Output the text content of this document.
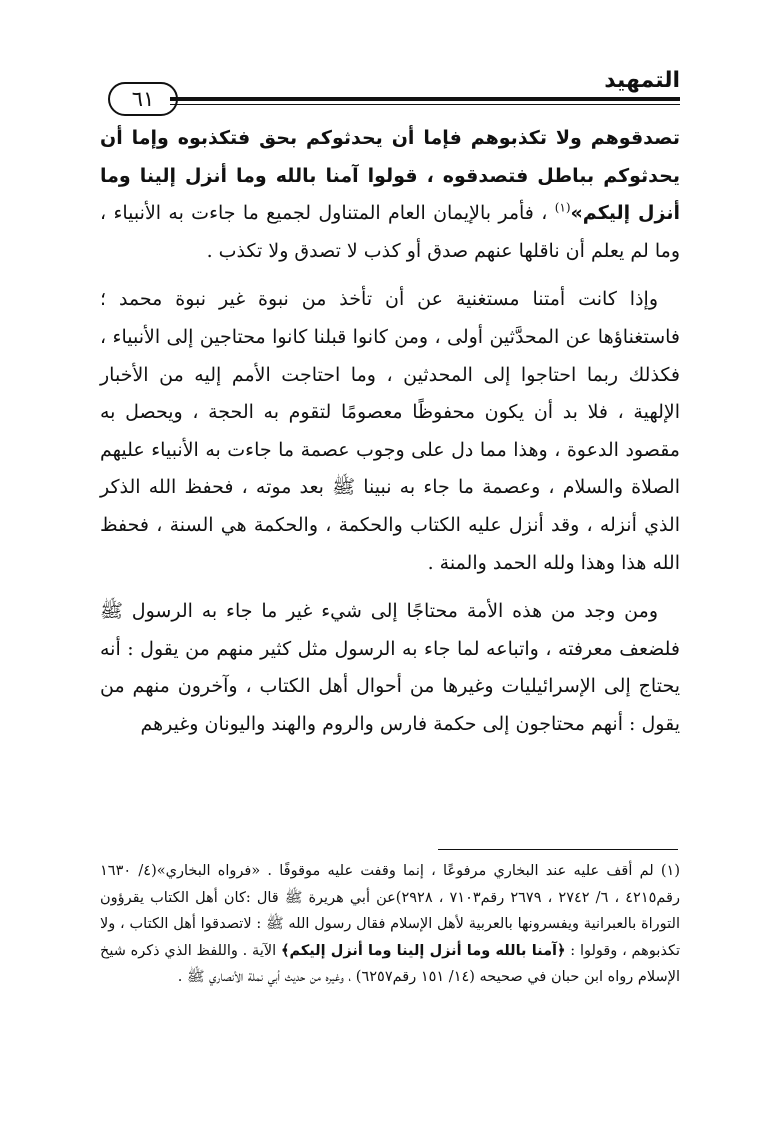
التمهيد
٦١

تصدقوهم ولا تكذبوهم فإما أن يحدثوكم بحق فتكذبوه وإما أن يحدثوكم بباطل فتصدقوه ، قولوا آمنا بالله وما أنزل إلينا وما أنزل إليكم»$^{(١)}$ ، فأمر بالإيمان العام المتناول لجميع ما جاءت به الأنبياء ، وما لم يعلم أن ناقلها عنهم صدق أو كذب لا تصدق ولا تكذب .

وإذا كانت أمتنا مستغنية عن أن تأخذ من نبوة غير نبوة محمد ؛ فاستغناؤها عن المحدَّثين أولى ، ومن كانوا قبلنا كانوا محتاجين إلى الأنبياء ، فكذلك ربما احتاجوا إلى المحدثين ، وما احتاجت الأمم إليه من الأخبار الإلهية ، فلا بد أن يكون محفوظًا معصومًا لتقوم به الحجة ، ويحصل به مقصود الدعوة ، وهذا مما دل على وجوب عصمة ما جاءت به الأنبياء عليهم الصلاة والسلام ، وعصمة ما جاء به نبينا ﷺ بعد موته ، فحفظ الله الذكر الذي أنزله ، وقد أنزل عليه الكتاب والحكمة ، والحكمة هي السنة ، فحفظ الله هذا وهذا ولله الحمد والمنة .

ومن وجد من هذه الأمة محتاجًا إلى شيء غير ما جاء به الرسول ﷺ فلضعف معرفته ، واتباعه لما جاء به الرسول مثل كثير منهم من يقول : أنه يحتاج إلى الإسرائيليات وغيرها من أحوال أهل الكتاب ، وآخرون منهم من يقول : أنهم محتاجون إلى حكمة فارس والروم والهند واليونان وغيرهم

(١) لم أقف عليه عند البخاري مرفوعًا ، إنما وقفت عليه موقوفًا . «فرواه البخاري»(٤/ ١٦٣٠ رقم٤٢١٥ ، ٦/ ٢٧٤٢ ، ٢٦٧٩ رقم٧١٠٣ ، ٢٩٢٨)عن أبي هريرة ﷺ قال :كان أهل الكتاب يقرؤون التوراة بالعبرانية ويفسرونها بالعربية لأهل الإسلام فقال رسول الله ﷺ : لاتصدقوا أهل الكتاب ، ولا تكذبوهم ، وقولوا : ﴿آمنا بالله وما أنزل إلينا وما أنزل إليكم﴾ الآية . واللفظ الذي ذكره شيخ الإسلام رواه ابن حبان في صحيحه (١٤/ ١٥١ رقم٦٢٥٧) ، وغيره من حديث أبي نملة الأنصاري ﷺ .
